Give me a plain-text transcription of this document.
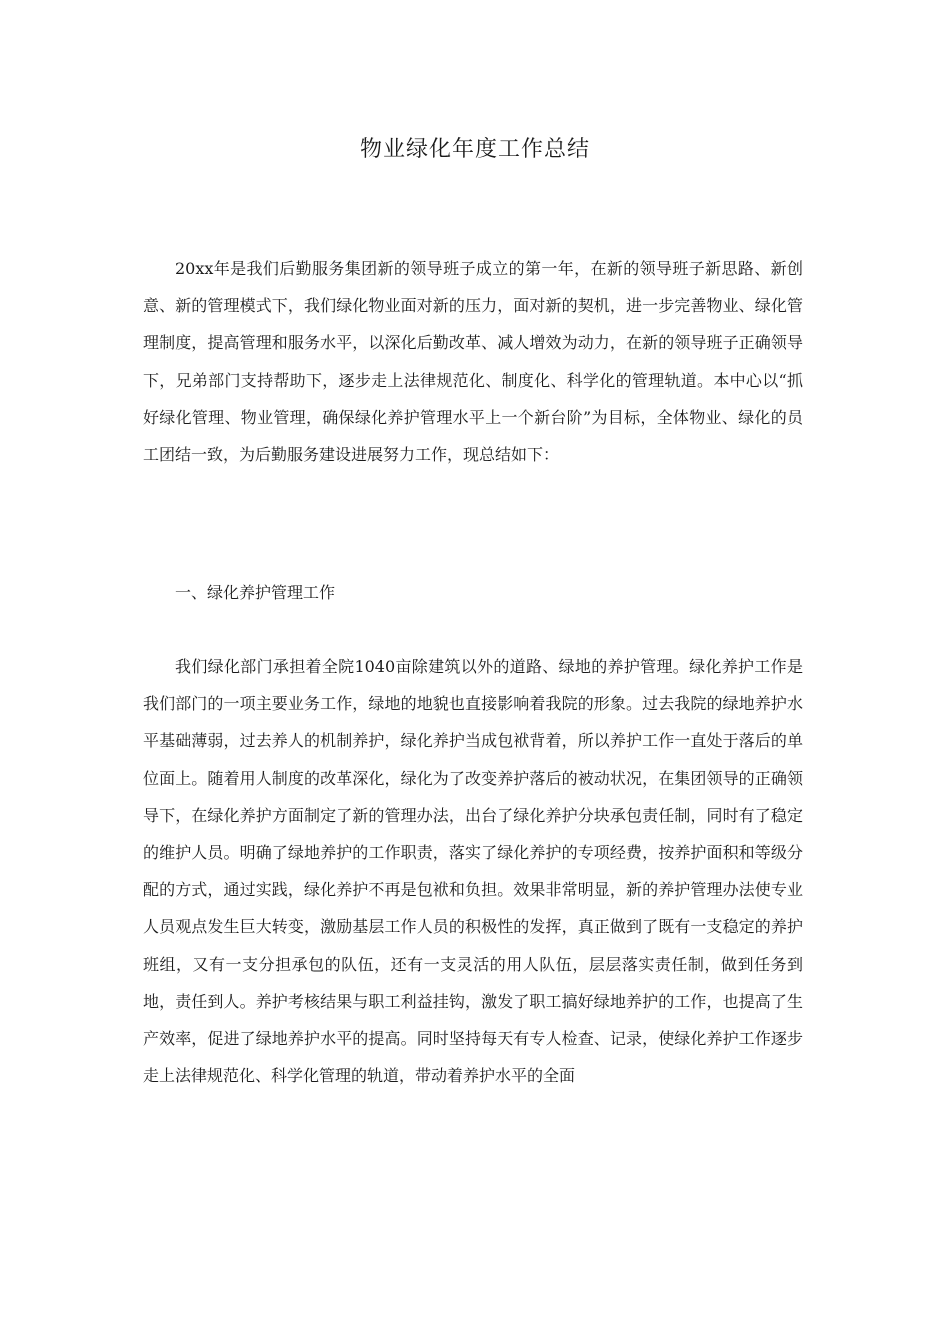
物业绿化年度工作总结

20xx年是我们后勤服务集团新的领导班子成立的第一年，在新的领导班子新思路、新创意、新的管理模式下，我们绿化物业面对新的压力，面对新的契机，进一步完善物业、绿化管理制度，提高管理和服务水平，以深化后勤改革、减人增效为动力，在新的领导班子正确领导下，兄弟部门支持帮助下，逐步走上法律规范化、制度化、科学化的管理轨道。本中心以“抓好绿化管理、物业管理，确保绿化养护管理水平上一个新台阶”为目标，全体物业、绿化的员工团结一致，为后勤服务建设进展努力工作，现总结如下：

一、绿化养护管理工作

我们绿化部门承担着全院1040亩除建筑以外的道路、绿地的养护管理。绿化养护工作是我们部门的一项主要业务工作，绿地的地貌也直接影响着我院的形象。过去我院的绿地养护水平基础薄弱，过去养人的机制养护，绿化养护当成包袱背着，所以养护工作一直处于落后的单位面上。随着用人制度的改革深化，绿化为了改变养护落后的被动状况，在集团领导的正确领导下，在绿化养护方面制定了新的管理办法，出台了绿化养护分块承包责任制，同时有了稳定的维护人员。明确了绿地养护的工作职责，落实了绿化养护的专项经费，按养护面积和等级分配的方式，通过实践，绿化养护不再是包袱和负担。效果非常明显，新的养护管理办法使专业人员观点发生巨大转变，激励基层工作人员的积极性的发挥，真正做到了既有一支稳定的养护班组，又有一支分担承包的队伍，还有一支灵活的用人队伍，层层落实责任制，做到任务到地，责任到人。养护考核结果与职工利益挂钩，激发了职工搞好绿地养护的工作，也提高了生产效率，促进了绿地养护水平的提高。同时坚持每天有专人检查、记录，使绿化养护工作逐步走上法律规范化、科学化管理的轨道，带动着养护水平的全面
